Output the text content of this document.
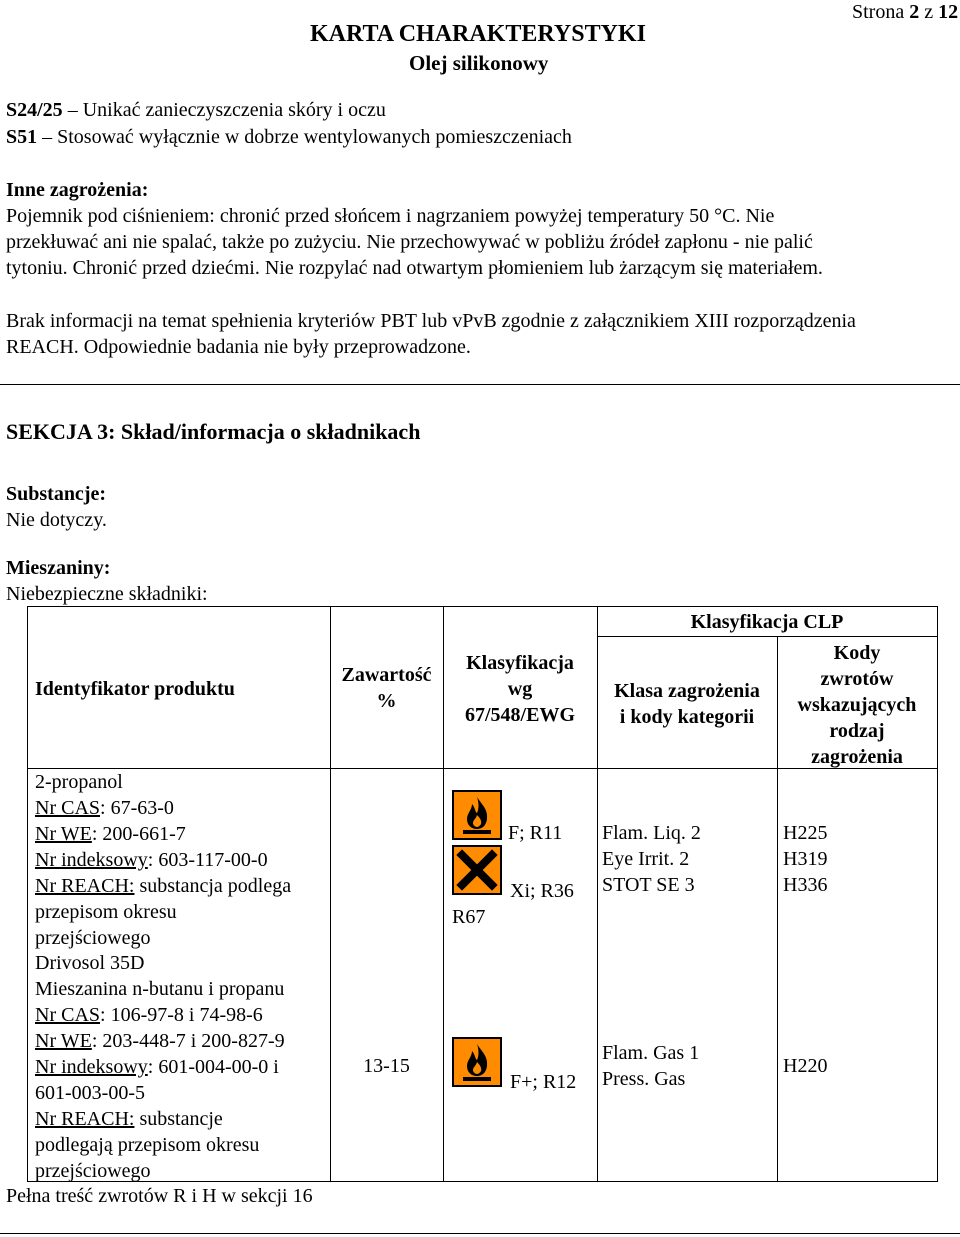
KARTA CHARAKTERYSTYKI
Olej silikonowy
Strona 2 z 12
S24/25 – Unikać zanieczyszczenia skóry i oczu
S51 – Stosować wyłącznie w dobrze wentylowanych pomieszczeniach
Inne zagrożenia:
Pojemnik pod ciśnieniem: chronić przed słońcem i nagrzaniem powyżej temperatury 50 °C. Nie
przekłuwać ani nie spalać, także po zużyciu. Nie przechowywać w pobliżu źródeł zapłonu - nie palić
tytoniu. Chronić przed dziećmi. Nie rozpylać nad otwartym płomieniem lub żarzącym się materiałem.
Brak informacji na temat spełnienia kryteriów PBT lub vPvB zgodnie z załącznikiem XIII rozporządzenia
REACH. Odpowiednie badania nie były przeprowadzone.
SEKCJA 3: Skład/informacja o składnikach
Substancje:
Nie dotyczy.
Mieszaniny:
Niebezpieczne składniki:
Identyfikator produktu
Zawartość
%
Klasyfikacja
wg
67/548/EWG
Klasyfikacja CLP
Klasa zagrożenia
i kody kategorii
Kody
zwrotów
wskazujących
rodzaj
zagrożenia
2-propanol
Nr CAS: 67-63-0
Nr WE: 200-661-7
Nr indeksowy: 603-117-00-0
Nr REACH: substancja podlega
przepisom okresu
przejściowego
F; R11
Xi; R36
R67
Flam. Liq. 2
Eye Irrit. 2
STOT SE 3
H225
H319
H336
Drivosol 35D
Mieszanina n-butanu i propanu
Nr CAS: 106-97-8 i 74-98-6
Nr WE: 203-448-7 i 200-827-9
Nr indeksowy: 601-004-00-0 i
601-003-00-5
Nr REACH: substancje
podlegają przepisom okresu
przejściowego
13-15
F+; R12
Flam. Gas 1
Press. Gas
H220
Pełna treść zwrotów R i H w sekcji 16
